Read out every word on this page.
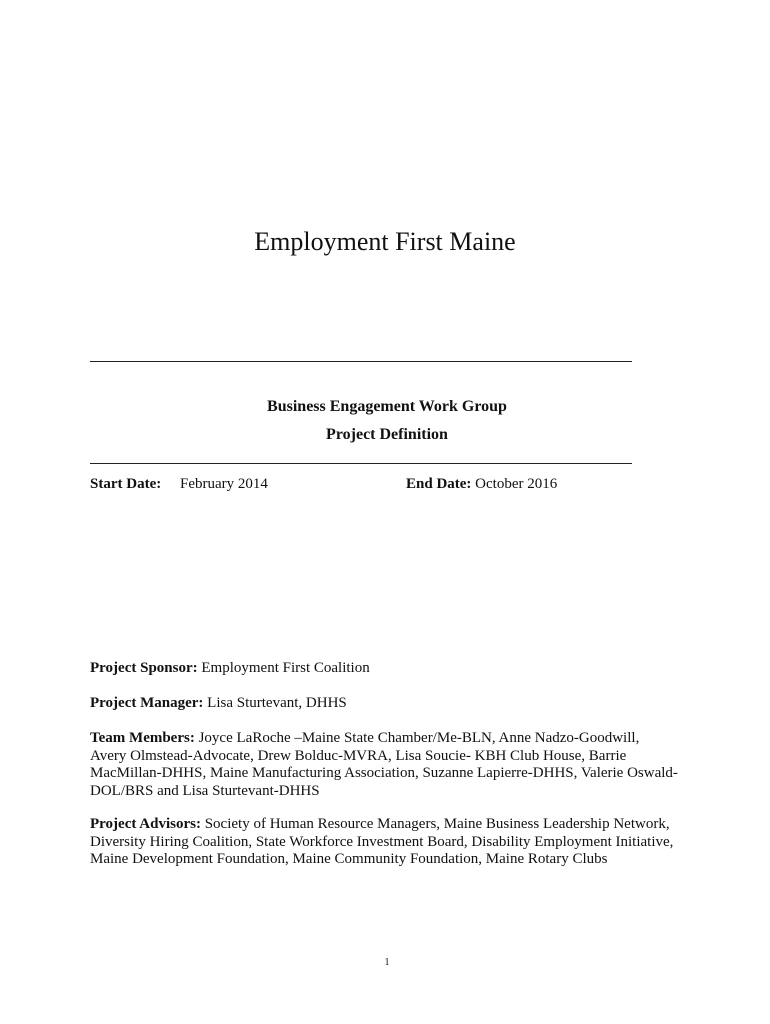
Employment First Maine
Business Engagement Work Group
Project Definition
Start Date: February 2014	End Date: October 2016

Project Sponsor: Employment First Coalition

Project Manager: Lisa Sturtevant, DHHS

Team Members: Joyce LaRoche –Maine State Chamber/Me-BLN, Anne Nadzo-Goodwill,
Avery Olmstead-Advocate, Drew Bolduc-MVRA, Lisa Soucie- KBH Club House, Barrie
MacMillan-DHHS, Maine Manufacturing Association, Suzanne Lapierre-DHHS, Valerie Oswald-
DOL/BRS and Lisa Sturtevant-DHHS

Project Advisors: Society of Human Resource Managers, Maine Business Leadership Network,
Diversity Hiring Coalition, State Workforce Investment Board, Disability Employment Initiative,
Maine Development Foundation, Maine Community Foundation, Maine Rotary Clubs

1
